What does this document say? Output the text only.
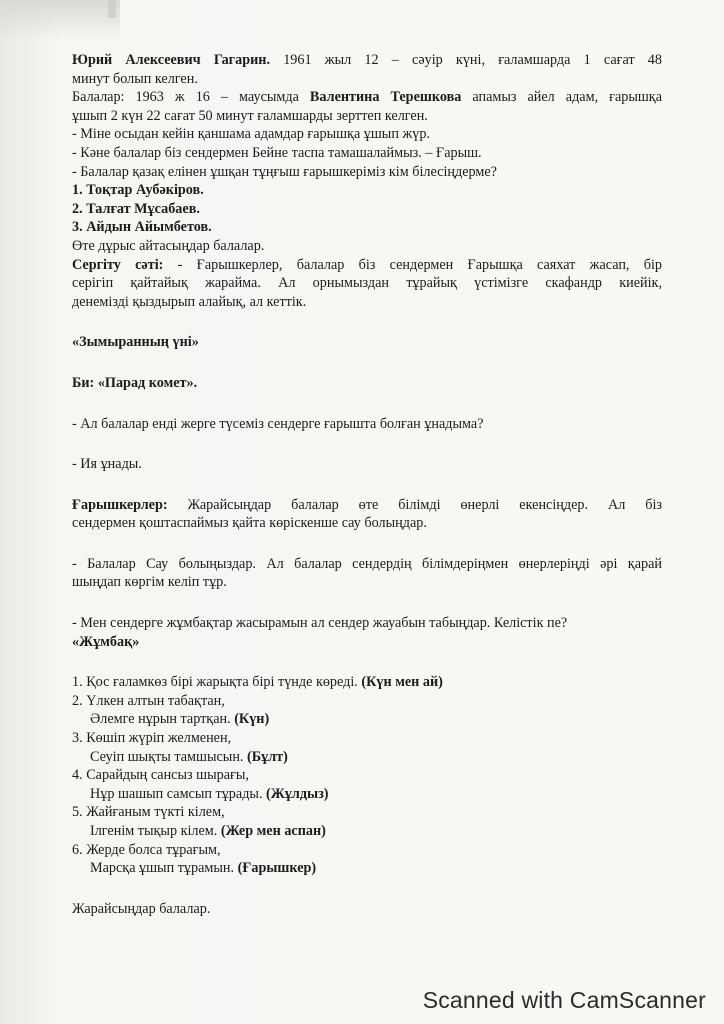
Юрий Алексеевич Гагарин. 1961 жыл 12 – сәуір күні, ғаламшарда 1 сағат 48

минут болып келген.

Балалар: 1963 ж 16 – маусымда Валентина Терешкова апамыз айел адам, ғарышқа

ұшып 2 күн 22 сағат 50 минут ғаламшарды зерттеп келген.

- Міне осыдан кейін қаншама адамдар ғарышқа ұшып жүр.

- Кәне балалар біз сендермен Бейне таспа тамашалаймыз. – Ғарыш.

- Балалар қазақ елінен ұшқан тұңғыш ғарышкеріміз кім білесіңдерме?

1. Тоқтар Аубәкіров.

2. Талғат Мұсабаев.

3. Айдын Айымбетов.

Өте дұрыс айтасыңдар балалар.

Сергіту сәті: - Ғарышкерлер, балалар біз сендермен Ғарышқа саяхат жасап, бір

серігіп қайтайық жарайма. Ал орнымыздан тұрайық үстімізге скафандр киейік,

денемізді қыздырып алайық, ал кеттік.

«Зымыранның үні»

Би: «Парад комет».

- Ал балалар енді жерге түсеміз сендерге ғарышта болған ұнадыма?

- Ия ұнады.

Ғарышкерлер: Жарайсыңдар балалар өте білімді өнерлі екенсіңдер. Ал біз

сендермен қоштаспаймыз қайта көріскенше сау болыңдар.

- Балалар Сау болыңыздар. Ал балалар сендердің білімдеріңмен өнерлеріңді әрі қарай

шыңдап көргім келіп тұр.

- Мен сендерге жұмбақтар жасырамын ал сендер жауабын табыңдар. Келістік пе?

«Жұмбақ»

1. Қос ғаламкөз бірі жарықта бірі түнде көреді. (Күн мен ай)

2. Үлкен алтын табақтан,

Әлемге нұрын тартқан. (Күн)

3. Көшіп жүріп желменен,

Сеуіп шықты тамшысын. (Бұлт)

4. Сарайдың сансыз шырағы,

Нұр шашып самсып тұрады. (Жұлдыз)

5. Жайғаным түкті кілем,

Ілгенім тықыр кілем. (Жер мен аспан)

6. Жерде болса тұрағым,

Марсқа ұшып тұрамын. (Ғарышкер)

Жарайсыңдар балалар.

Scanned with CamScanner
